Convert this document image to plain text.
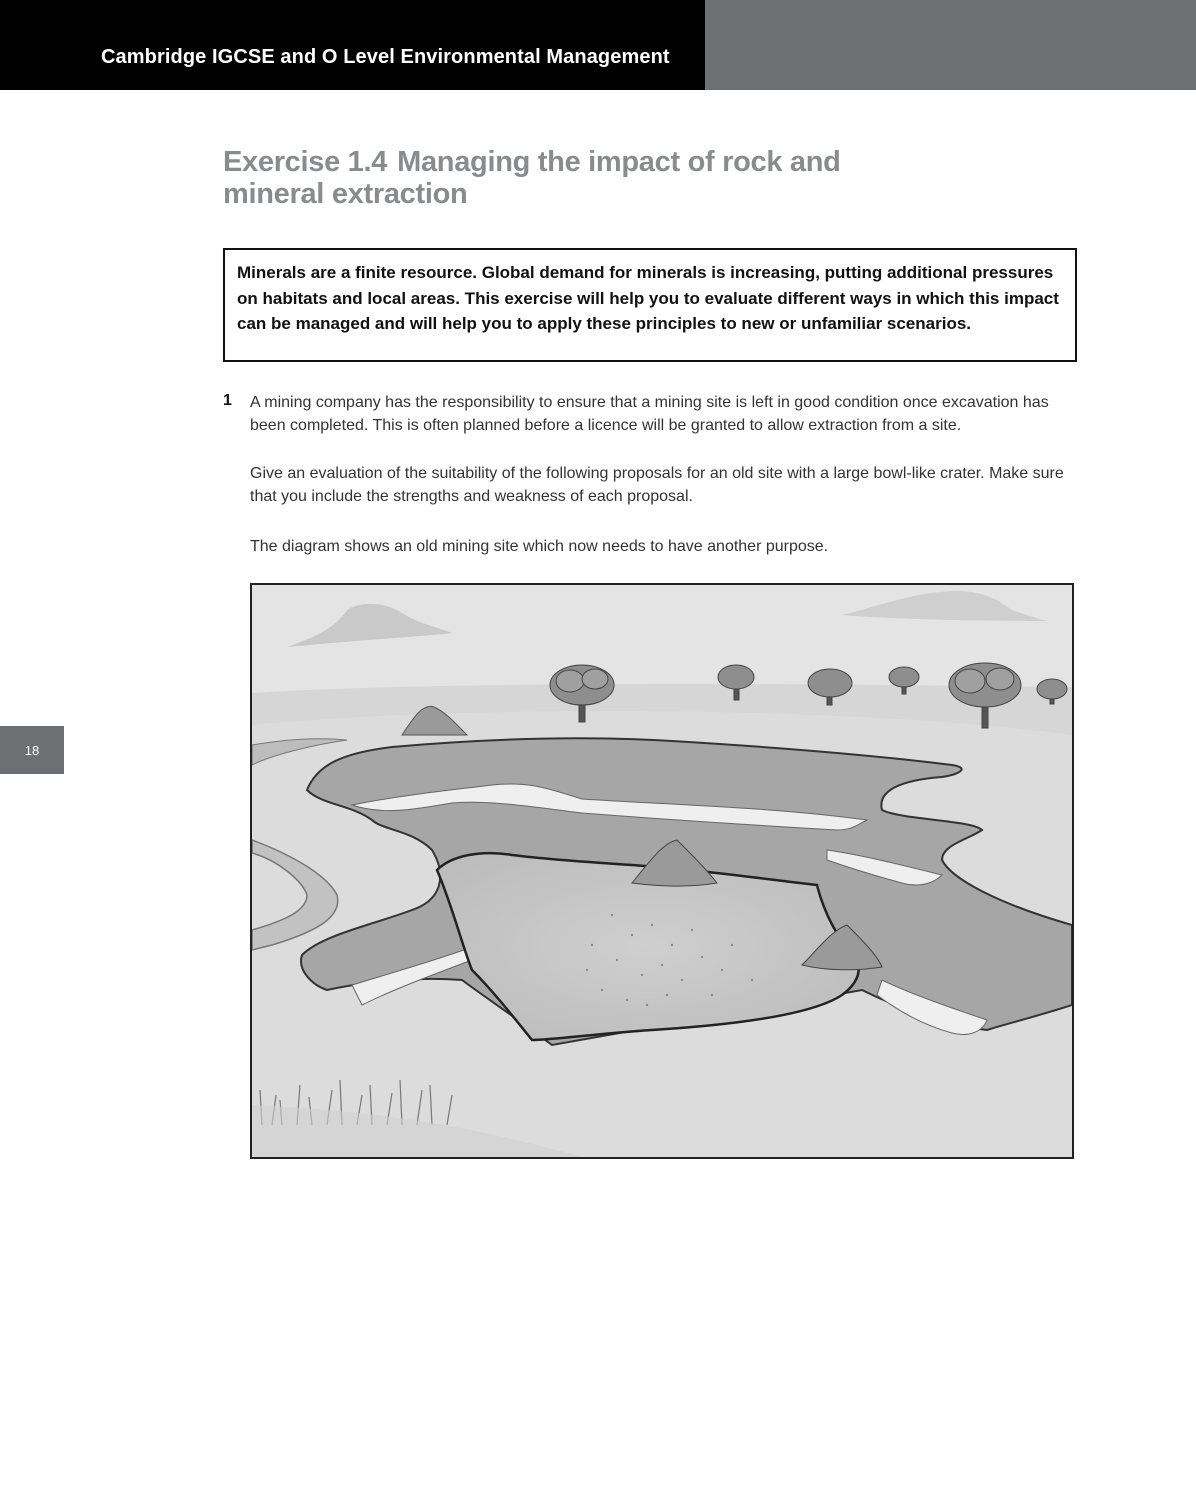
Cambridge IGCSE and O Level Environmental Management
18
Exercise 1.4 Managing the impact of rock and mineral extraction
Minerals are a finite resource. Global demand for minerals is increasing, putting additional pressures on habitats and local areas. This exercise will help you to evaluate different ways in which this impact can be managed and will help you to apply these principles to new or unfamiliar scenarios.
1 A mining company has the responsibility to ensure that a mining site is left in good condition once excavation has been completed. This is often planned before a licence will be granted to allow extraction from a site.
Give an evaluation of the suitability of the following proposals for an old site with a large bowl-like crater. Make sure that you include the strengths and weakness of each proposal.
The diagram shows an old mining site which now needs to have another purpose.
